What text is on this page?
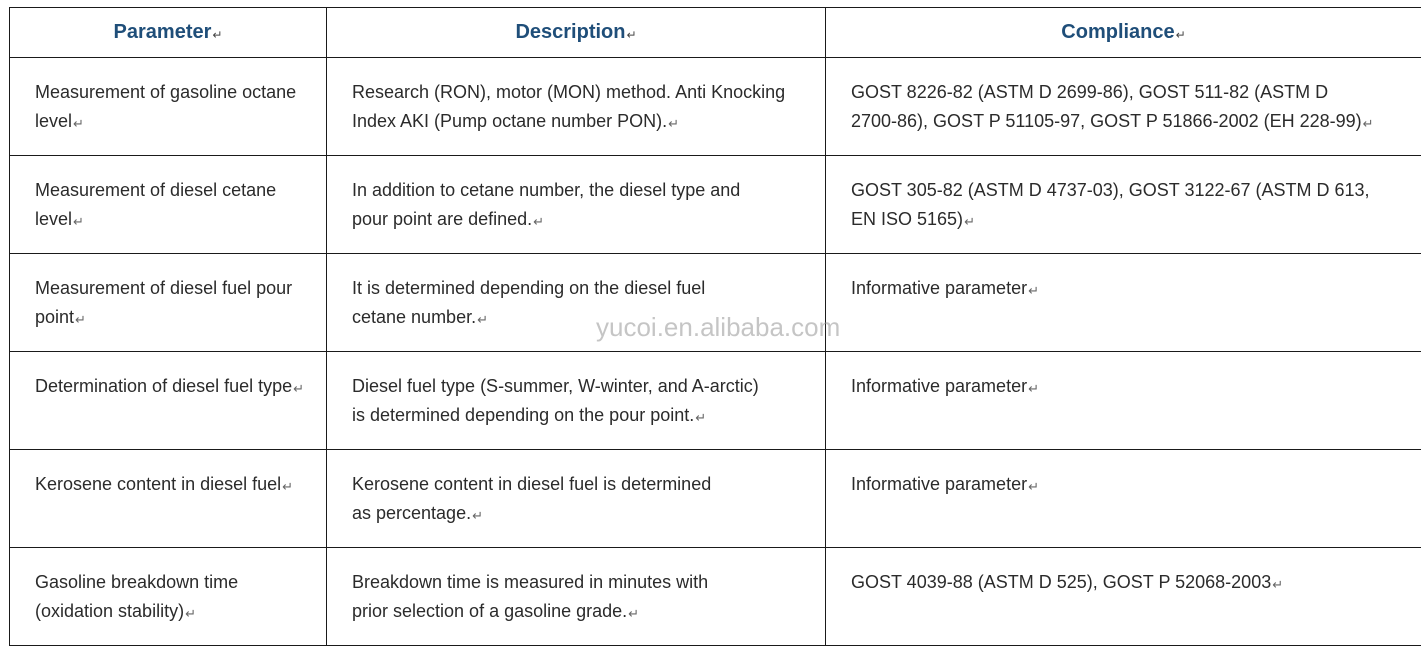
Parameter↵	Description↵	Compliance↵
Measurement of gasoline octane
level↵	Research (RON), motor (MON) method. Anti Knocking
Index AKI (Pump octane number PON).↵	GOST 8226-82 (ASTM D 2699-86), GOST 511-82 (ASTM D
2700-86), GOST P 51105-97, GOST P 51866-2002 (EH 228-99)↵
Measurement of diesel cetane
level↵	In addition to cetane number, the diesel type and
pour point are defined.↵	GOST 305-82 (ASTM D 4737-03), GOST 3122-67 (ASTM D 613,
EN ISO 5165)↵
Measurement of diesel fuel pour
point↵	It is determined depending on the diesel fuel
cetane number.↵	Informative parameter↵
Determination of diesel fuel type↵	Diesel fuel type (S-summer, W-winter, and A-arctic)
is determined depending on the pour point.↵	Informative parameter↵
Kerosene content in diesel fuel↵	Kerosene content in diesel fuel is determined
as percentage.↵	Informative parameter↵
Gasoline breakdown time
(oxidation stability)↵	Breakdown time is measured in minutes with
prior selection of a gasoline grade.↵	GOST 4039-88 (ASTM D 525), GOST P 52068-2003↵
yucoi.en.alibaba.com
